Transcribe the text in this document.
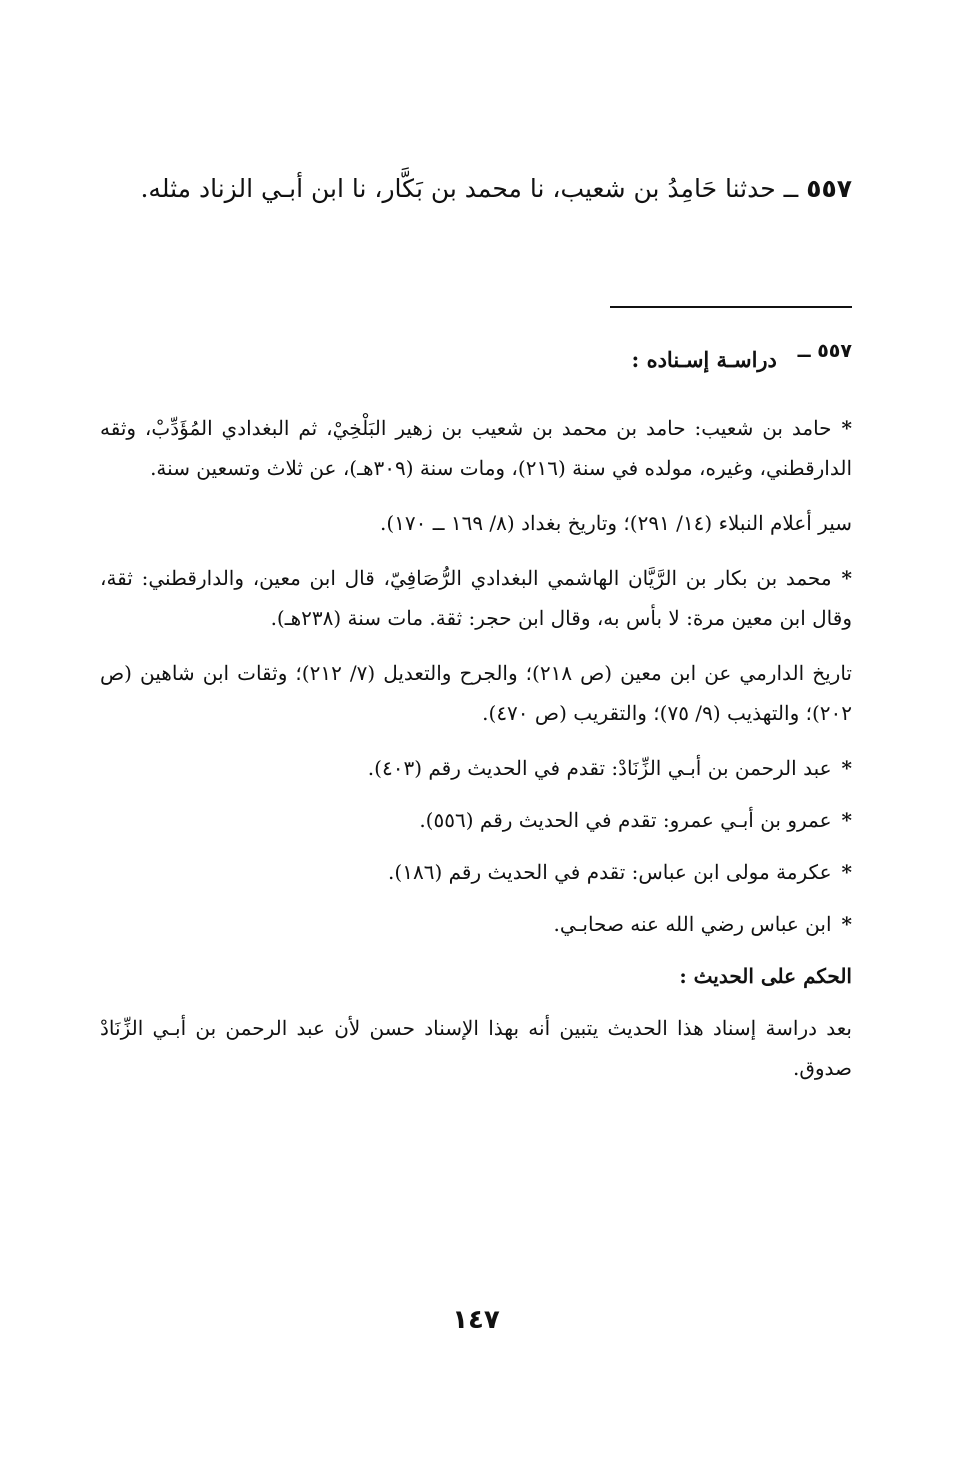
٥٥٧ ــ حدثنا حَامِدُ بن شعيب، نا محمد بن بَكَّار، نا ابن أبـي الزناد مثله.
٥٥٧ ــ دراسـة إسـناده :

*حامد بن شعيب: حامد بن محمد بن شعيب بن زهير البَلْخِيْ، ثم البغدادي المُؤَدِّبْ، وثقه الدارقطني، وغيره، مولده في سنة (٢١٦)، ومات سنة (٣٠٩هـ)، عن ثلاث وتسعين سنة.

سير أعلام النبلاء (١٤/ ٢٩١)؛ وتاريخ بغداد (٨/ ١٦٩ ــ ١٧٠).

*محمد بن بكار بن الرَّيَّان الهاشمي البغدادي الرُّصَافِيّ، قال ابن معين، والدارقطني: ثقة، وقال ابن معين مرة: لا بأس به، وقال ابن حجر: ثقة. مات سنة (٢٣٨هـ).

تاريخ الدارمي عن ابن معين (ص ٢١٨)؛ والجرح والتعديل (٧/ ٢١٢)؛ وثقات ابن شاهين (ص ٢٠٢)؛ والتهذيب (٩/ ٧٥)؛ والتقريب (ص ٤٧٠).

*عبد الرحمن بن أبـي الزِّنَادْ: تقدم في الحديث رقم (٤٠٣).

*عمرو بن أبـي عمرو: تقدم في الحديث رقم (٥٥٦).

*عكرمة مولى ابن عباس: تقدم في الحديث رقم (١٨٦).

*ابن عباس رضي الله عنه صحابـي.

الحكم على الحديث :

بعد دراسة إسناد هذا الحديث يتبين أنه بهذا الإسناد حسن لأن عبد الرحمن بن أبـي الزِّنَادْ صدوق.

١٤٧
